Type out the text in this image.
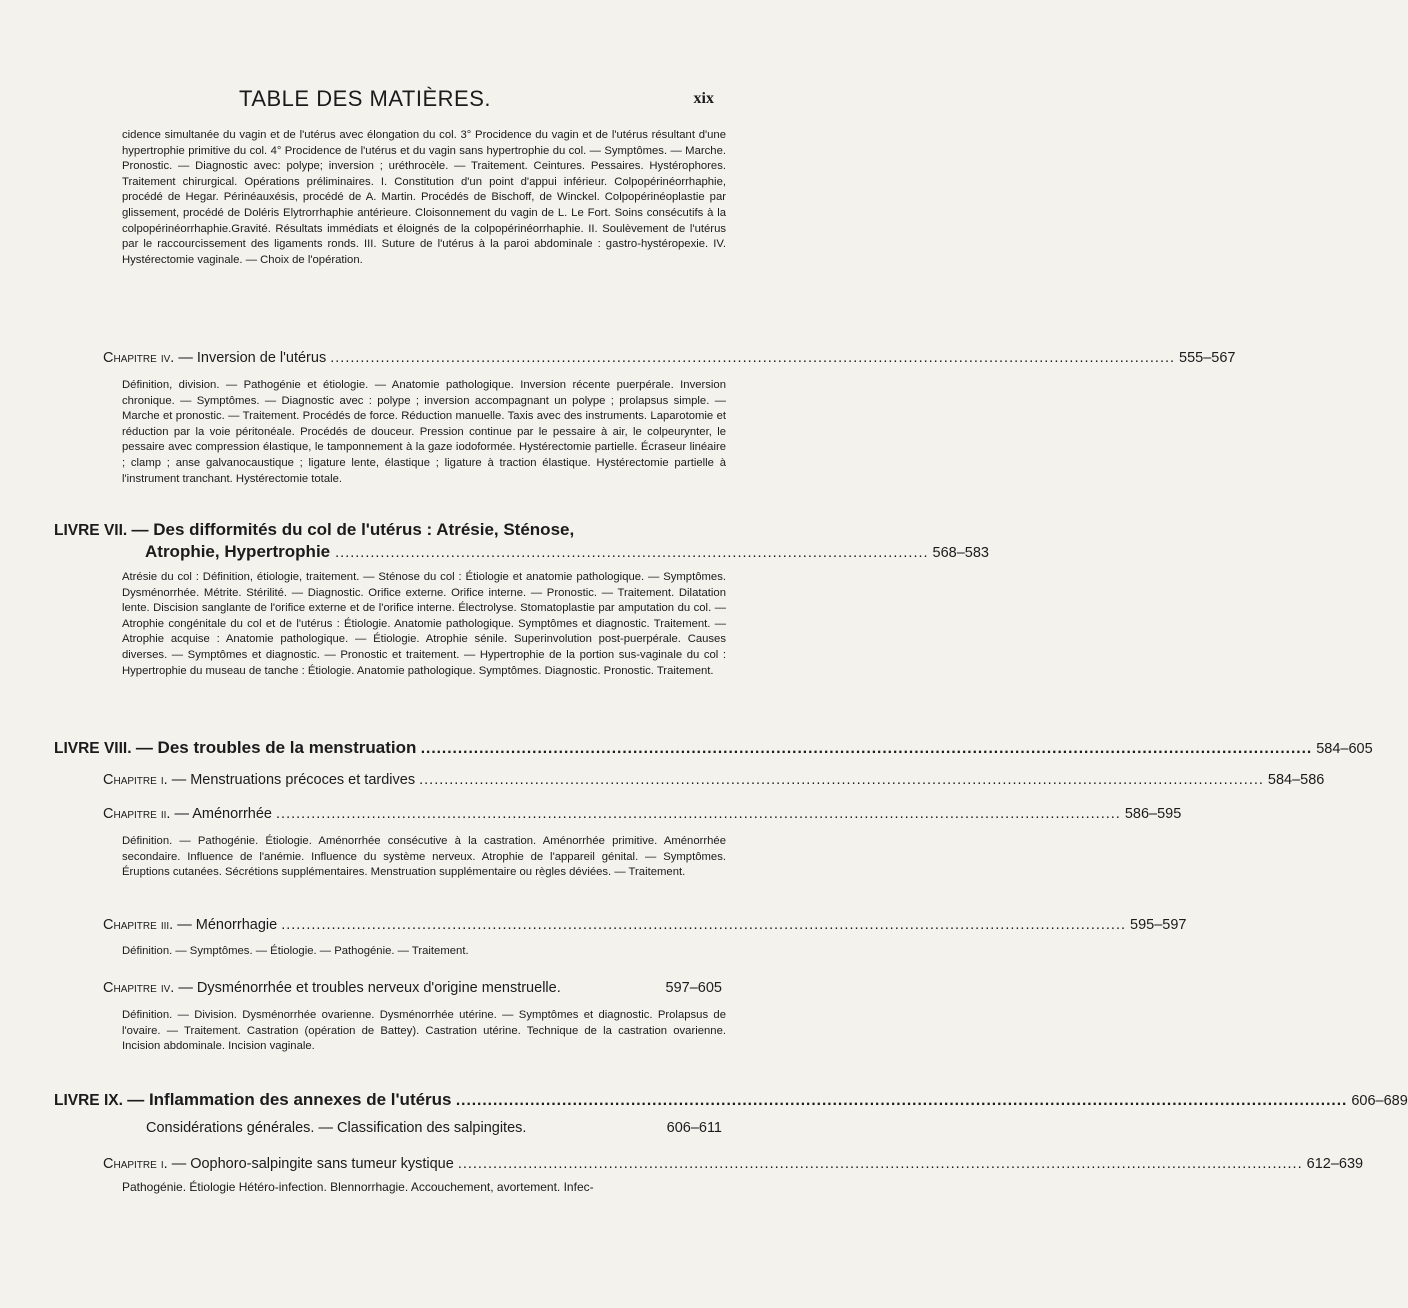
TABLE DES MATIÈRES.	xix
cidence simultanée du vagin et de l'utérus avec élongation du col. 3° Procidence du vagin et de l'utérus résultant d'une hypertrophie primitive du col. 4° Procidence de l'utérus et du vagin sans hypertrophie du col. — Symptômes. — Marche. Pronostic. — Diagnostic avec: polype; inversion ; uréthrocèle. — Traitement. Ceintures. Pessaires. Hystérophores. Traitement chirurgical. Opérations préliminaires. I. Constitution d'un point d'appui inférieur. Colpopérinéorrhaphie, procédé de Hegar. Périnéauxésis, procédé de A. Martin. Procédés de Bischoff, de Winckel. Colpopérinéoplastie par glissement, procédé de Doléris Elytrorrhaphie antérieure. Cloisonnement du vagin de L. Le Fort. Soins consécutifs à la colpopérinéorrhaphie.Gravité. Résultats immédiats et éloignés de la colpopérinéorrhaphie. II. Soulèvement de l'utérus par le raccourcissement des ligaments ronds. III. Suture de l'utérus à la paroi abdominale : gastro-hystéropexie. IV. Hystérectomie vaginale. — Choix de l'opération.
Chapitre iv. — Inversion de l'utérus .....	555–567
Définition, division. — Pathogénie et étiologie. — Anatomie pathologique. Inversion récente puerpérale. Inversion chronique. — Symptômes. — Diagnostic avec : polype ; inversion accompagnant un polype ; prolapsus simple. — Marche et pronostic. — Traitement. Procédés de force. Réduction manuelle. Taxis avec des instruments. Laparotomie et réduction par la voie péritonéale. Procédés de douceur. Pression continue par le pessaire à air, le colpeurynter, le pessaire avec compression élastique, le tamponnement à la gaze iodoformée. Hystérectomie partielle. Écraseur linéaire ; clamp ; anse galvanocaustique ; ligature lente, élastique ; ligature à traction élastique. Hystérectomie partielle à l'instrument tranchant. Hystérectomie totale.
LIVRE VII. — Des difformités du col de l'utérus : Atrésie, Sténose,
Atrophie, Hypertrophie ...................................................................................................................... 568–583
Atrésie du col : Définition, étiologie, traitement. — Sténose du col : Étiologie et anatomie pathologique. — Symptômes. Dysménorrhée. Métrite. Stérilité. — Diagnostic. Orifice externe. Orifice interne. — Pronostic. — Traitement. Dilatation lente. Discision sanglante de l'orifice externe et de l'orifice interne. Électrolyse. Stomatoplastie par amputation du col. — Atrophie congénitale du col et de l'utérus : Étiologie. Anatomie pathologique. Symptômes et diagnostic. Traitement. — Atrophie acquise : Anatomie pathologique. — Étiologie. Atrophie sénile. Superinvolution post-puerpérale. Causes diverses. — Symptômes et diagnostic. — Pronostic et traitement. — Hypertrophie de la portion sus-vaginale du col : Hypertrophie du museau de tanche : Étiologie. Anatomie pathologique. Symptômes. Diagnostic. Pronostic. Traitement.
LIVRE VIII. — Des troubles de la menstruation .....	584–605
Chapitre i. — Menstruations précoces et tardives .....	584–586
Chapitre ii. — Aménorrhée .....	586–595
Définition. — Pathogénie. Étiologie. Aménorrhée consécutive à la castration. Aménorrhée primitive. Aménorrhée secondaire. Influence de l'anémie. Influence du système nerveux. Atrophie de l'appareil génital. — Symptômes. Éruptions cutanées. Sécrétions supplémentaires. Menstruation supplémentaire ou règles déviées. — Traitement.
Chapitre iii. — Ménorrhagie .....	595–597
Définition. — Symptômes. — Étiologie. — Pathogénie. — Traitement.
Chapitre iv. — Dysménorrhée et troubles nerveux d'origine menstruelle.	597–605
Définition. — Division. Dysménorrhée ovarienne. Dysménorrhée utérine. — Symptômes et diagnostic. Prolapsus de l'ovaire. — Traitement. Castration (opération de Battey). Castration utérine. Technique de la castration ovarienne. Incision abdominale. Incision vaginale.
LIVRE IX. — Inflammation des annexes de l'utérus .....	606–689
Considérations générales. — Classification des salpingites.	606–611
Chapitre i. — Oophoro-salpingite sans tumeur kystique .....	612–639
Pathogénie. Étiologie Hétéro-infection. Blennorrhagie. Accouchement, avortement. Infec-
